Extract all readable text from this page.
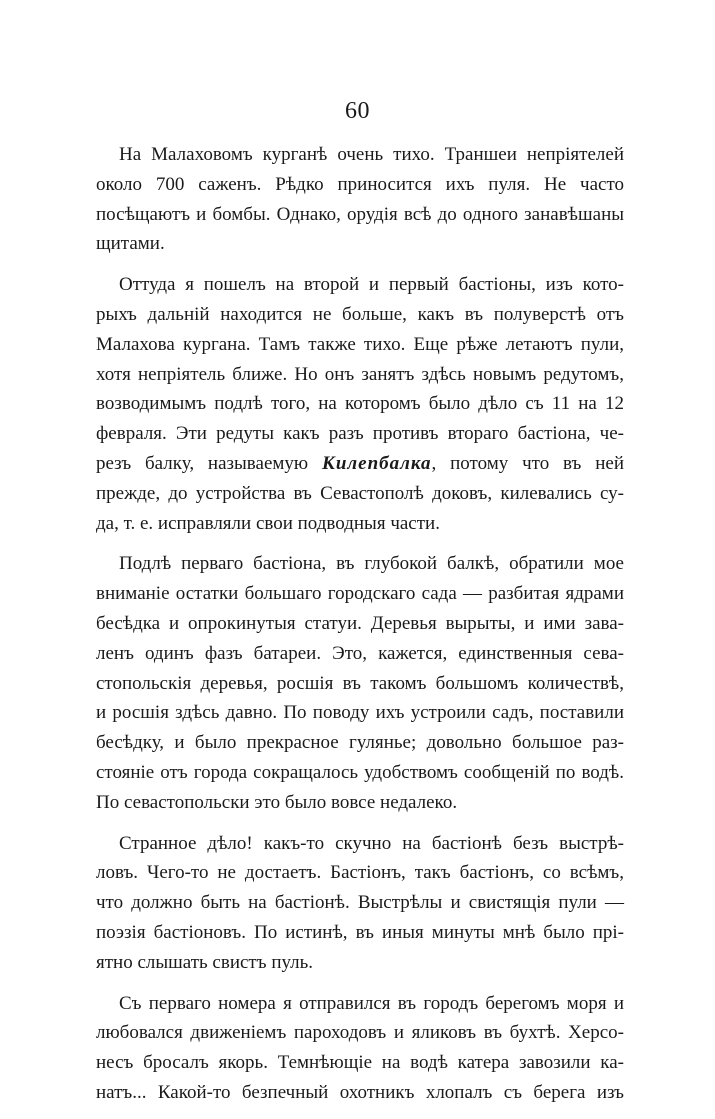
60
На Малаховомъ курганѣ очень тихо. Траншеи непріятелей
около 700 саженъ. Рѣдко приносится ихъ пуля. Не часто
посѣщаютъ и бомбы. Однако, орудія всѣ до одного занавѣшаны
щитами.
Оттуда я пошелъ на второй и первый бастіоны, изъ кото-
рыхъ дальній находится не больше, какъ въ полуверстѣ отъ
Малахова кургана. Тамъ также тихо. Еще рѣже летаютъ пули,
хотя непріятель ближе. Но онъ занятъ здѣсь новымъ редутомъ,
возводимымъ подлѣ того, на которомъ было дѣло съ 11 на 12
февраля. Эти редуты какъ разъ противъ втораго бастіона, че-
резъ балку, называемую Килепбалка, потому что въ ней
прежде, до устройства въ Севастополѣ доковъ, килевались су-
да, т. е. исправляли свои подводныя части.
Подлѣ перваго бастіона, въ глубокой балкѣ, обратили мое
вниманіе остатки большаго городскаго сада — разбитая ядрами
бесѣдка и опрокинутыя статуи. Деревья вырыты, и ими зава-
ленъ одинъ фазъ батареи. Это, кажется, единственныя сева-
стопольскія деревья, росшія въ такомъ большомъ количествѣ,
и росшія здѣсь давно. По поводу ихъ устроили садъ, поставили
бесѣдку, и было прекрасное гулянье; довольно большое раз-
стояніе отъ города сокращалось удобствомъ сообщеній по водѣ.
По севастопольски это было вовсе недалеко.
Странное дѣло! какъ-то скучно на бастіонѣ безъ выстрѣ-
ловъ. Чего-то не достаетъ. Бастіонъ, такъ бастіонъ, со всѣмъ,
что должно быть на бастіонѣ. Выстрѣлы и свистящія пули —
поэзія бастіоновъ. По истинѣ, въ иныя минуты мнѣ было прі-
ятно слышать свистъ пуль.
Съ перваго номера я отправился въ городъ берегомъ моря и
любовался движеніемъ пароходовъ и яликовъ въ бухтѣ. Херсо-
несъ бросалъ якорь. Темнѣющіе на водѣ катера завозили ка-
натъ... Какой-то безпечный охотникъ хлопалъ съ берега изъ
